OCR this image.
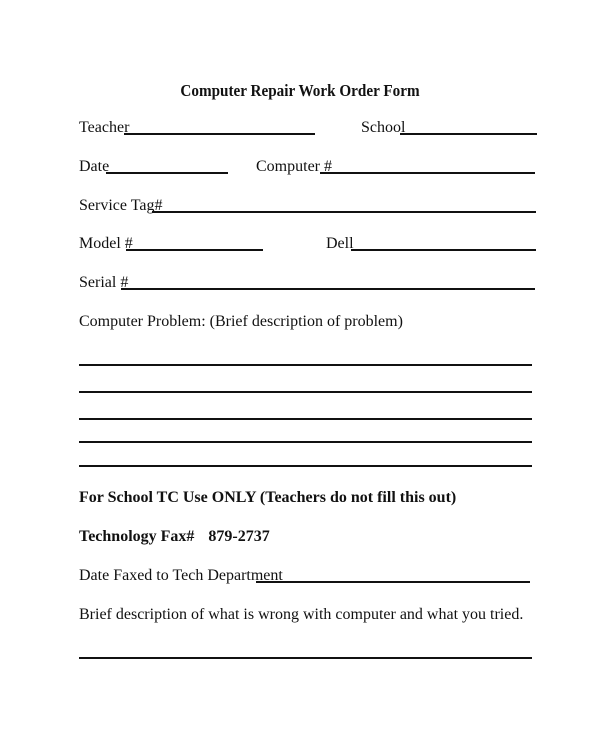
Computer Repair Work Order Form
Teacher	School
Date	Computer #
Service Tag#
Model #	Dell
Serial #
Computer Problem: (Brief description of problem)
For School TC Use ONLY (Teachers do not fill this out)
Technology Fax# 879-2737
Date Faxed to Tech Department
Brief description of what is wrong with computer and what you tried.
